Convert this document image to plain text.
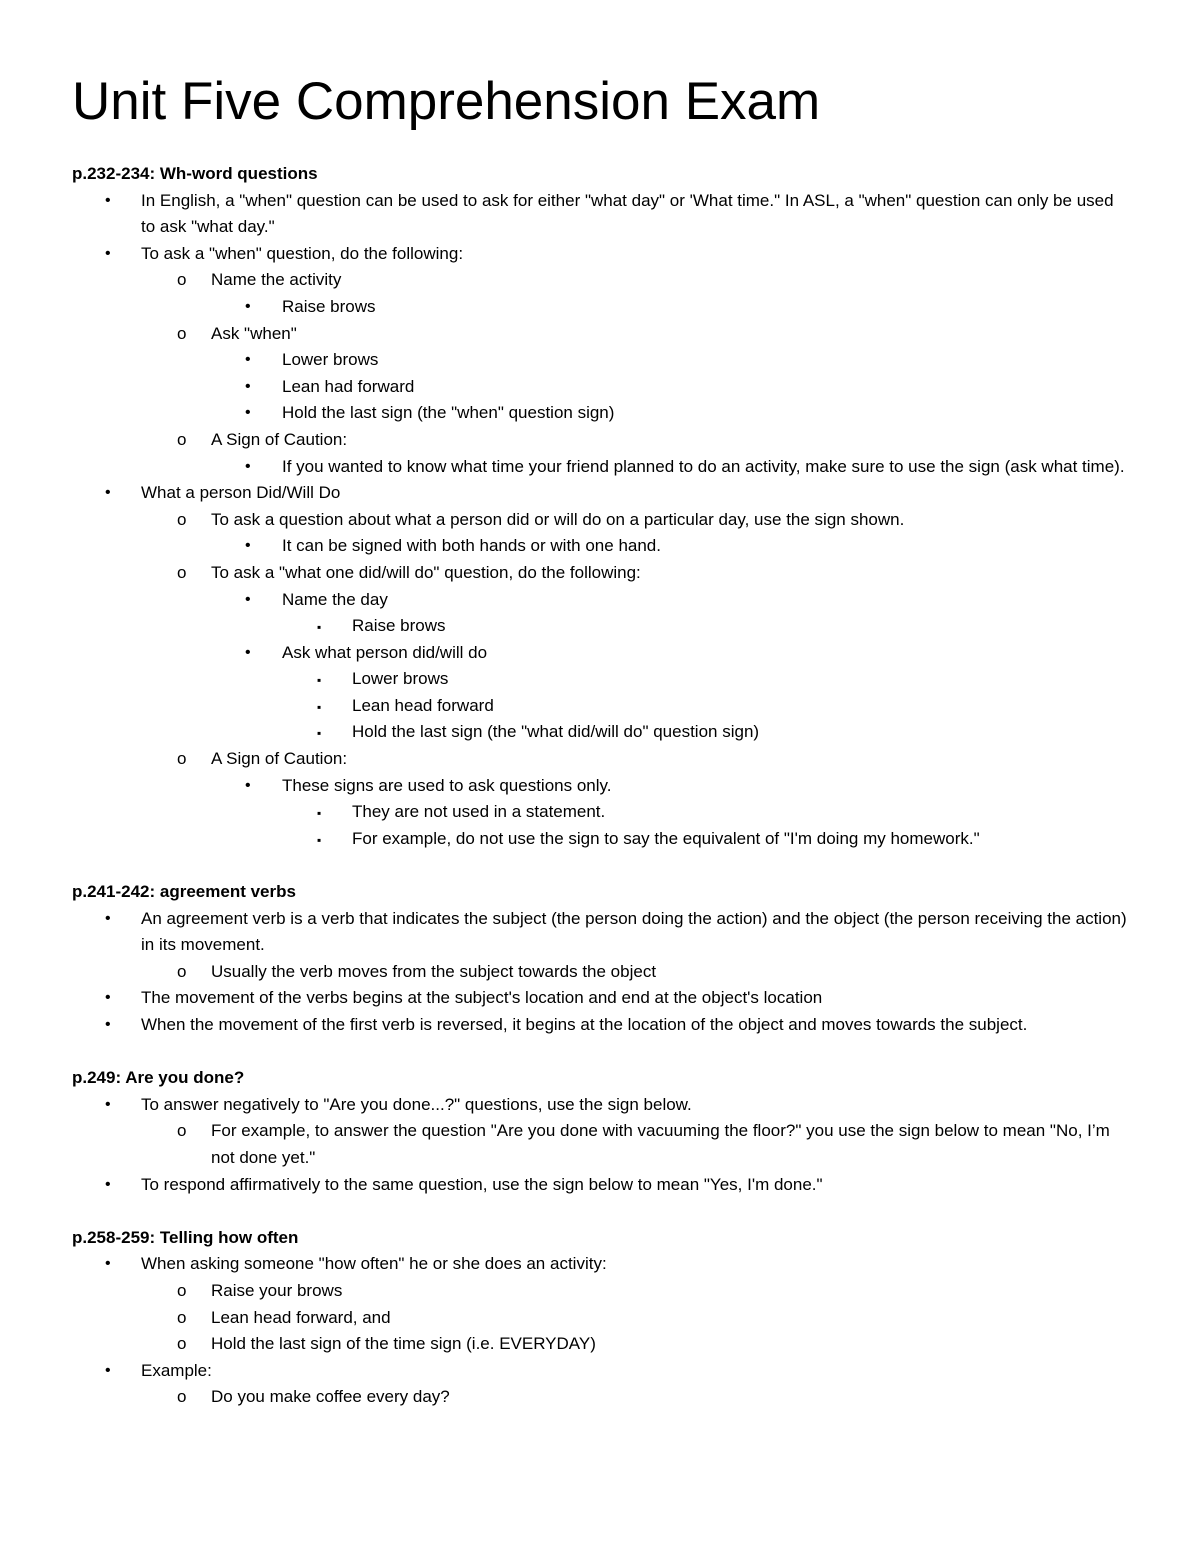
Unit Five Comprehension Exam
p.232-234: Wh-word questions
• In English, a "when" question can be used to ask for either "what day" or 'What time." In ASL, a "when" question can only be used to ask "what day."
• To ask a "when" question, do the following:
o Name the activity
• Raise brows
o Ask "when"
• Lower brows
• Lean had forward
• Hold the last sign (the "when" question sign)
o A Sign of Caution:
• If you wanted to know what time your friend planned to do an activity, make sure to use the sign (ask what time).
• What a person Did/Will Do
o To ask a question about what a person did or will do on a particular day, use the sign shown.
• It can be signed with both hands or with one hand.
o To ask a "what one did/will do" question, do the following:
• Name the day
▪ Raise brows
• Ask what person did/will do
▪ Lower brows
▪ Lean head forward
▪ Hold the last sign (the "what did/will do" question sign)
o A Sign of Caution:
• These signs are used to ask questions only.
▪ They are not used in a statement.
▪ For example, do not use the sign to say the equivalent of "I'm doing my homework."
p.241-242: agreement verbs
• An agreement verb is a verb that indicates the subject (the person doing the action) and the object (the person receiving the action) in its movement.
o Usually the verb moves from the subject towards the object
• The movement of the verbs begins at the subject's location and end at the object's location
• When the movement of the first verb is reversed, it begins at the location of the object and moves towards the subject.
p.249: Are you done?
• To answer negatively to "Are you done...?" questions, use the sign below.
o For example, to answer the question "Are you done with vacuuming the floor?" you use the sign below to mean "No, I’m not done yet."
• To respond affirmatively to the same question, use the sign below to mean "Yes, I'm done."
p.258-259: Telling how often
• When asking someone "how often" he or she does an activity:
o Raise your brows
o Lean head forward, and
o Hold the last sign of the time sign (i.e. EVERYDAY)
• Example:
o Do you make coffee every day?
